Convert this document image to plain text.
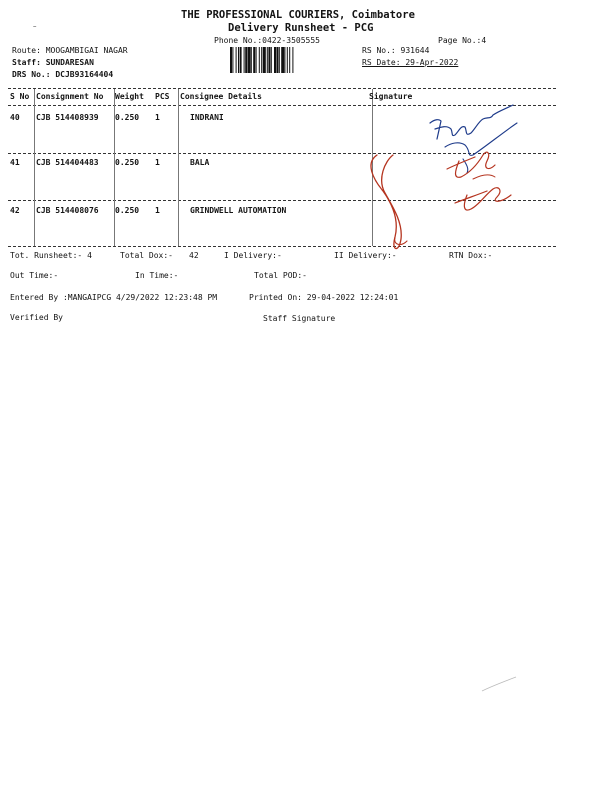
THE PROFESSIONAL COURIERS, Coimbatore
Delivery Runsheet - PCG
Phone No.:0422-3505555	Page No.:4
⁻
Route: MOOGAMBIGAI NAGAR
Staff: SUNDARESAN
DRS No.: DCJB93164404
RS No.: 931644
RS Date: 29-Apr-2022
S No Consignment No Weight PCS Consignee Details	Signature
40 CJB 514408939 0.250 1	INDRANI
41 CJB 514404483 0.250 1	BALA
42 CJB 514408076 0.250 1	GRINDWELL AUTOMATION
Tot. Runsheet:- 4	Total Dox:- 42	I Delivery:-	II Delivery:-	RTN Dox:-
Out Time:-	In Time:-	Total POD:-
Entered By :MANGAIPCG 4/29/2022 12:23:48 PM	Printed On: 29-04-2022 12:24:01
Verified By	Staff Signature
